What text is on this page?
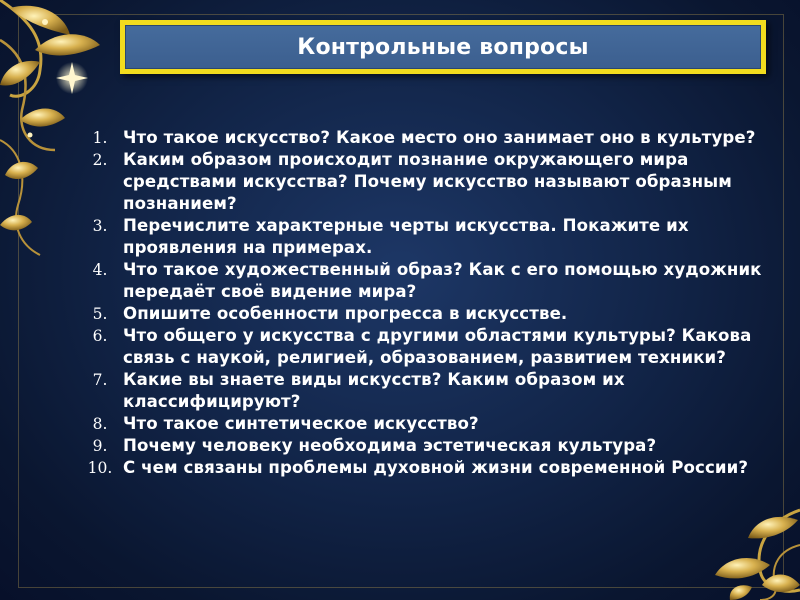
Контрольные вопросы
1. Что такое искусство? Какое место оно занимает оно в культуре?
2. Каким образом происходит познание окружающего мира средствами искусства? Почему искусство называют образным познанием?
3. Перечислите характерные черты искусства. Покажите их проявления на примерах.
4. Что такое художественный образ? Как с его помощью художник передаёт своё видение мира?
5. Опишите особенности прогресса в искусстве.
6. Что общего у искусства с другими областями культуры? Какова связь с наукой, религией, образованием, развитием техники?
7. Какие вы знаете виды искусств? Каким образом их классифицируют?
8. Что такое синтетическое искусство?
9. Почему человеку необходима эстетическая культура?
10. С чем связаны проблемы духовной жизни современной России?
